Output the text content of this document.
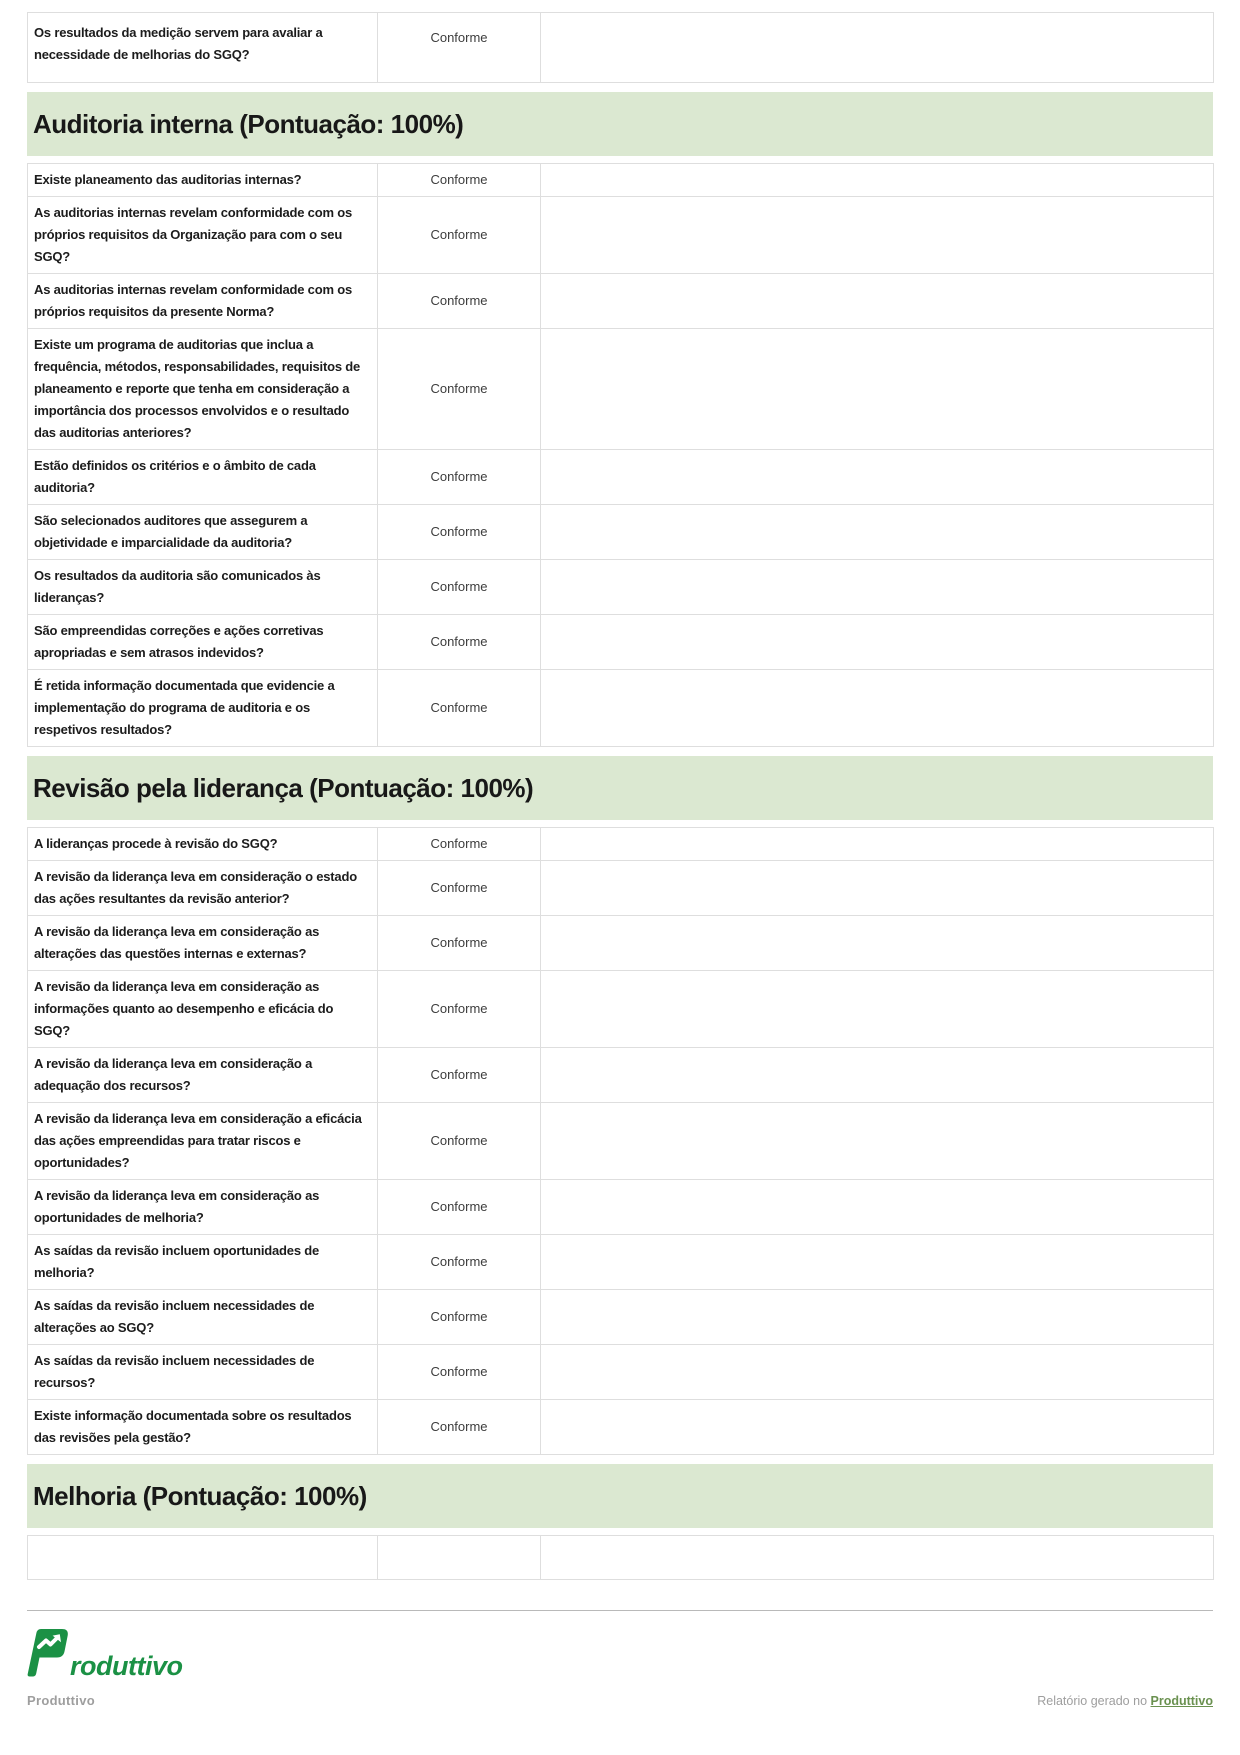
Os resultados da medição servem para avaliar a necessidade de melhorias do SGQ?	Conforme	
Auditoria interna (Pontuação: 100%)
Existe planeamento das auditorias internas?	Conforme	
As auditorias internas revelam conformidade com os próprios requisitos da Organização para com o seu SGQ?	Conforme	
As auditorias internas revelam conformidade com os próprios requisitos da presente Norma?	Conforme	
Existe um programa de auditorias que inclua a frequência, métodos, responsabilidades, requisitos de planeamento e reporte que tenha em consideração a importância dos processos envolvidos e o resultado das auditorias anteriores?	Conforme	
Estão definidos os critérios e o âmbito de cada auditoria?	Conforme	
São selecionados auditores que assegurem a objetividade e imparcialidade da auditoria?	Conforme	
Os resultados da auditoria são comunicados às lideranças?	Conforme	
São empreendidas correções e ações corretivas apropriadas e sem atrasos indevidos?	Conforme	
É retida informação documentada que evidencie a implementação do programa de auditoria e os respetivos resultados?	Conforme	
Revisão pela liderança (Pontuação: 100%)
A lideranças procede à revisão do SGQ?	Conforme	
A revisão da liderança leva em consideração o estado das ações resultantes da revisão anterior?	Conforme	
A revisão da liderança leva em consideração as alterações das questões internas e externas?	Conforme	
A revisão da liderança leva em consideração as informações quanto ao desempenho e eficácia do SGQ?	Conforme	
A revisão da liderança leva em consideração a adequação dos recursos?	Conforme	
A revisão da liderança leva em consideração a eficácia das ações empreendidas para tratar riscos e oportunidades?	Conforme	
A revisão da liderança leva em consideração as oportunidades de melhoria?	Conforme	
As saídas da revisão incluem oportunidades de melhoria?	Conforme	
As saídas da revisão incluem necessidades de alterações ao SGQ?	Conforme	
As saídas da revisão incluem necessidades de recursos?	Conforme	
Existe informação documentada sobre os resultados das revisões pela gestão?	Conforme	
Melhoria (Pontuação: 100%)

roduttivo
Produttivo	Relatório gerado no Produttivo
